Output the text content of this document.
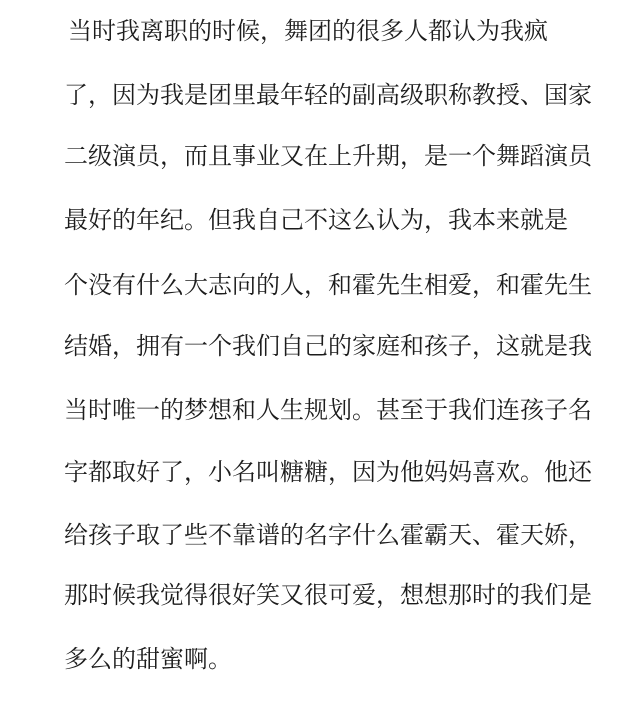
当时我离职的时候，舞团的很多人都认为我疯
了，因为我是团里最年轻的副高级职称教授、国家
二级演员，而且事业又在上升期，是一个舞蹈演员
最好的年纪。但我自己不这么认为，我本来就是
个没有什么大志向的人，和霍先生相爱，和霍先生
结婚，拥有一个我们自己的家庭和孩子，这就是我
当时唯一的梦想和人生规划。甚至于我们连孩子名
字都取好了，小名叫糖糖，因为他妈妈喜欢。他还
给孩子取了些不靠谱的名字什么霍霸天、霍天娇，
那时候我觉得很好笑又很可爱，想想那时的我们是
多么的甜蜜啊。
